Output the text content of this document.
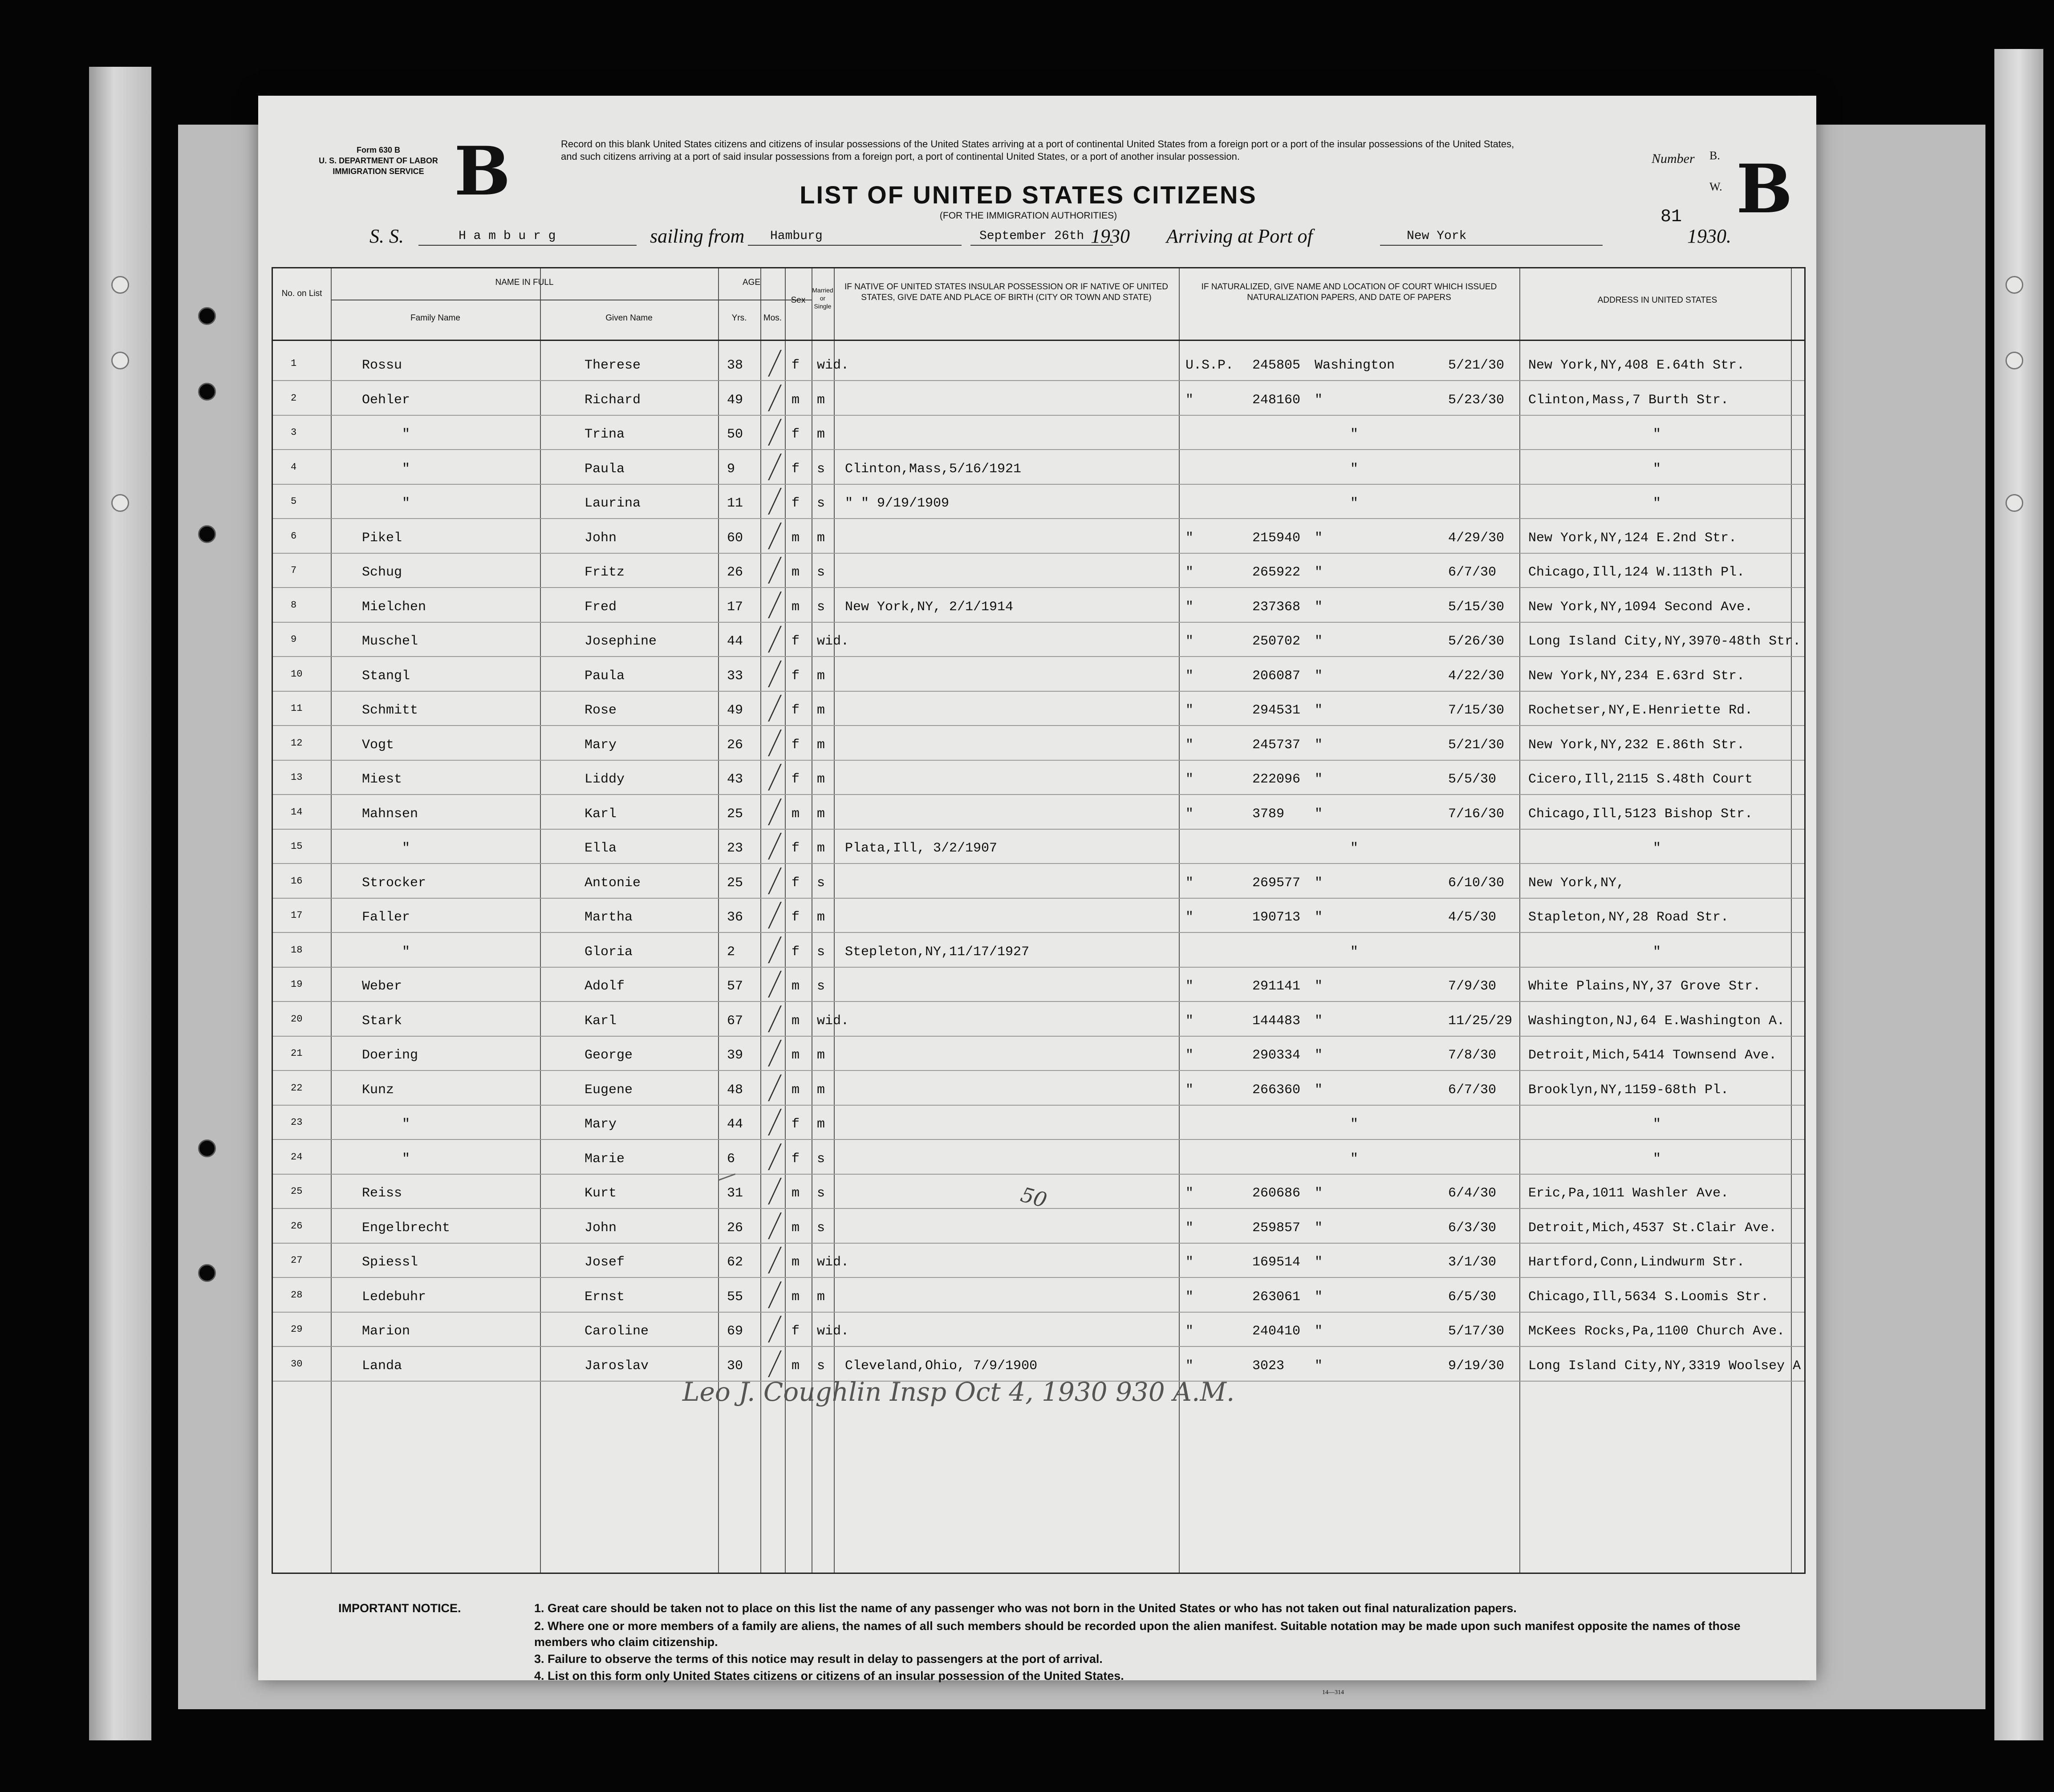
Form 630 B
U. S. DEPARTMENT OF LABOR
IMMIGRATION SERVICE B	Record on this blank United States citizens and citizens of insular possessions of the United States arriving at a port of continental United States from a foreign port or a port of the insular possessions of the United States, and such citizens arriving at a port of said insular possessions from a foreign port, a port of continental United States, or a port of another insular possession.
LIST OF UNITED STATES CITIZENS
(FOR THE IMMIGRATION AUTHORITIES)
Number B.
W.
81 B
S. S.	H a m b u r g	sailing from Hamburg	September 26th 1930 Arriving at Port of	New York	1930.
No. on List
NAME IN FULL
Family Name	Given Name
AGE
Yrs.	Mos.
Sex
Married or Single
IF NATIVE OF UNITED STATES INSULAR POSSESSION OR IF NATIVE OF UNITED STATES, GIVE DATE AND PLACE OF BIRTH (CITY OR TOWN AND STATE)
IF NATURALIZED, GIVE NAME AND LOCATION OF COURT WHICH ISSUED NATURALIZATION PAPERS, AND DATE OF PAPERS	ADDRESS IN UNITED STATES
1	Rossu	Therese	38	f wid.	U.S.P. 245805 Washington	5/21/30 New York,NY,408 E.64th Str.
2	Oehler	Richard	49	m m	"	248160 "	5/23/30 Clinton,Mass,7 Burth Str.
3	"	Trina	50	f m	"	"
4	"	Paula	9	f s Clinton,Mass,5/16/1921	"	"
5	"	Laurina	11	f s " " 9/19/1909	"	"
6	Pikel	John	60	m m	"	215940 "	4/29/30 New York,NY,124 E.2nd Str.
7	Schug	Fritz	26	m s	"	265922 "	6/7/30 Chicago,Ill,124 W.113th Pl.
8	Mielchen	Fred	17	m s New York,NY, 2/1/1914	"	237368 "	5/15/30 New York,NY,1094 Second Ave.
9	Muschel	Josephine	44	f wid.	"	250702 "	5/26/30 Long Island City,NY,3970-48th Str.
10	Stangl	Paula	33	f m	"	206087 "	4/22/30 New York,NY,234 E.63rd Str.
11	Schmitt	Rose	49	f m	"	294531 "	7/15/30 Rochetser,NY,E.Henriette Rd.
12	Vogt	Mary	26	f m	"	245737 "	5/21/30 New York,NY,232 E.86th Str.
13	Miest	Liddy	43	f m	"	222096 "	5/5/30 Cicero,Ill,2115 S.48th Court
14	Mahnsen	Karl	25	m m	"	3789 "	7/16/30 Chicago,Ill,5123 Bishop Str.
15	"	Ella	23	f m Plata,Ill, 3/2/1907	"	"
16	Strocker	Antonie	25	f s	"	269577 "	6/10/30 New York,NY,
17	Faller	Martha	36	f m	"	190713 "	4/5/30 Stapleton,NY,28 Road Str.
18	"	Gloria	2	f s Stepleton,NY,11/17/1927	"	"
19	Weber	Adolf	57	m s	"	291141 "	7/9/30 White Plains,NY,37 Grove Str.
20	Stark	Karl	67	m wid.	"	144483 "	11/25/29 Washington,NJ,64 E.Washington A.
21	Doering	George	39	m m	"	290334 "	7/8/30 Detroit,Mich,5414 Townsend Ave.
22	Kunz	Eugene	48	m m	"	266360 "	6/7/30 Brooklyn,NY,1159-68th Pl.
23	"	Mary	44	f m	"	"
24	"	Marie	6	f s	"	"
25	Reiss	Kurt	31	m s	"	260686 "	6/4/30 Eric,Pa,1011 Washler Ave.
26	Engelbrecht	John	26	m s	"	259857 "	6/3/30 Detroit,Mich,4537 St.Clair Ave.
27	Spiessl	Josef	62	m wid.	"	169514 "	3/1/30 Hartford,Conn,Lindwurm Str.
28	Ledebuhr	Ernst	55	m m	"	263061 "	6/5/30 Chicago,Ill,5634 S.Loomis Str.
29	Marion	Caroline	69	f wid.	"	240410 "	5/17/30 McKees Rocks,Pa,1100 Church Ave.
30	Landa	Jaroslav	30	m s Cleveland,Ohio, 7/9/1900	"	3023 "	9/19/30 Long Island City,NY,3319 Woolsey A
50
Leo J. Coughlin Insp Oct 4, 1930 930 A.M.
IMPORTANT NOTICE.	1. Great care should be taken not to place on this list the name of any passenger who was not born in the United States or who has not taken out final naturalization papers.
2. Where one or more members of a family are aliens, the names of all such members should be recorded upon the alien manifest. Suitable notation may be made upon such manifest opposite the names of those members who claim citizenship.
3. Failure to observe the terms of this notice may result in delay to passengers at the port of arrival.
4. List on this form only United States citizens or citizens of an insular possession of the United States.
14—314
